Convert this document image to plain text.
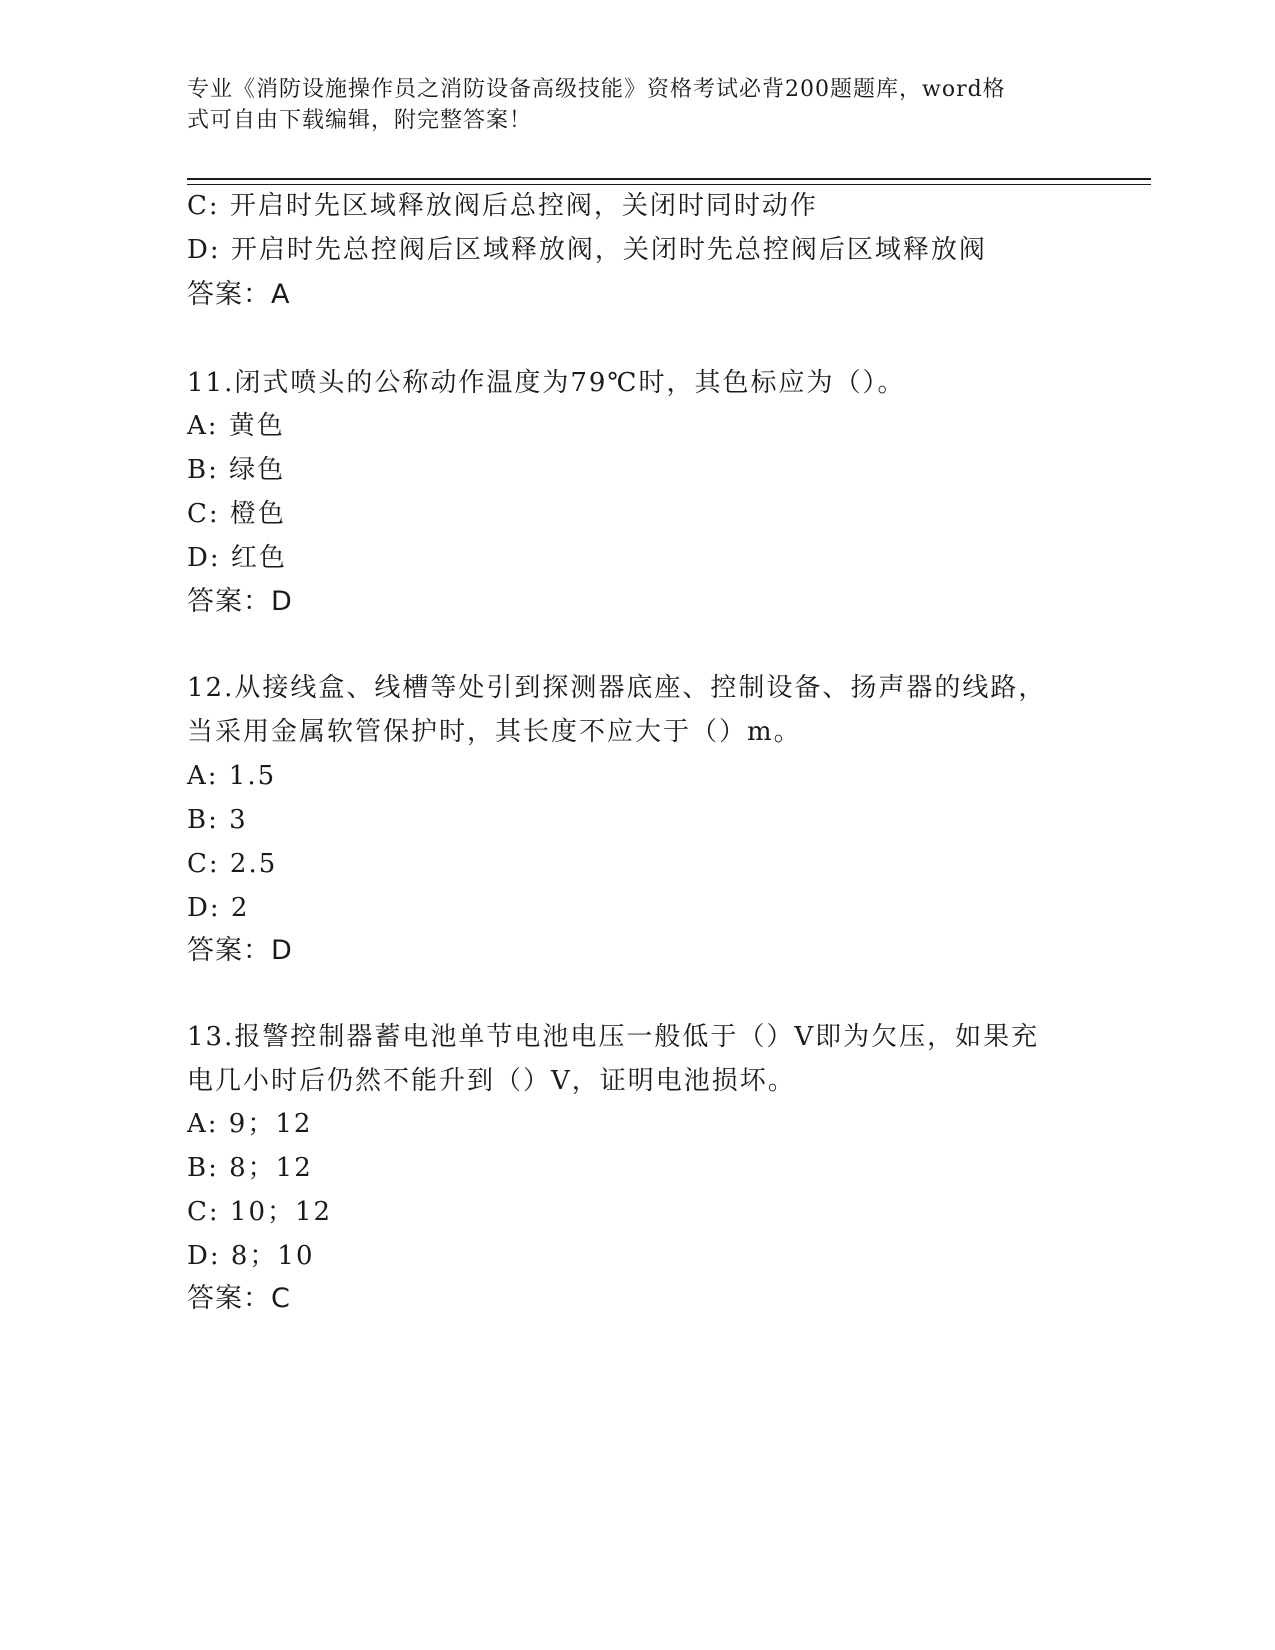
专业《消防设施操作员之消防设备高级技能》资格考试必背200题题库，word格
式可自由下载编辑，附完整答案！
C: 开启时先区域释放阀后总控阀，关闭时同时动作
D: 开启时先总控阀后区域释放阀，关闭时先总控阀后区域释放阀
答案：A
11.闭式喷头的公称动作温度为79℃时，其色标应为（）。
A: 黄色
B: 绿色
C: 橙色
D: 红色
答案：D
12.从接线盒、线槽等处引到探测器底座、控制设备、扬声器的线路，
当采用金属软管保护时，其长度不应大于（）m。
A: 1.5
B: 3
C: 2.5
D: 2
答案：D
13.报警控制器蓄电池单节电池电压一般低于（）V即为欠压，如果充
电几小时后仍然不能升到（）V，证明电池损坏。
A: 9；12
B: 8；12
C: 10；12
D: 8；10
答案：C
